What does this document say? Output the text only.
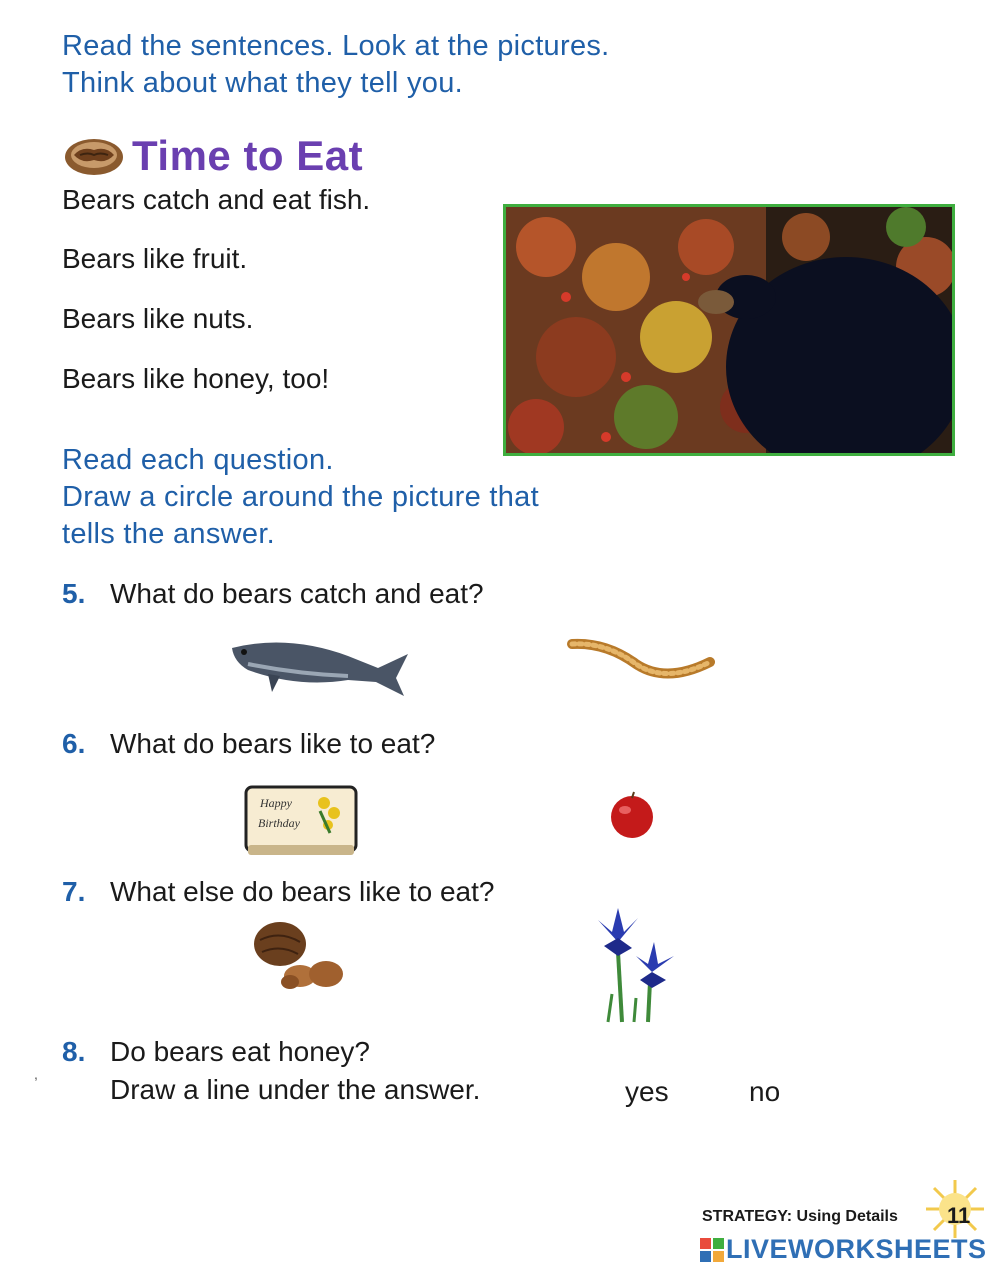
Read the sentences. Look at the pictures.
Think about what they tell you.
Time to Eat
Bears catch and eat fish.
Bears like fruit.
Bears like nuts.
Bears like honey, too!
Read each question.
Draw a circle around the picture that
tells the answer.
5. What do bears catch and eat?
6. What do bears like to eat?
Happy
Birthday
7. What else do bears like to eat?
,
8. Do bears eat honey?
Draw a line under the answer.	yes	no
STRATEGY: Using Details 11
LIVEWORKSHEETS
